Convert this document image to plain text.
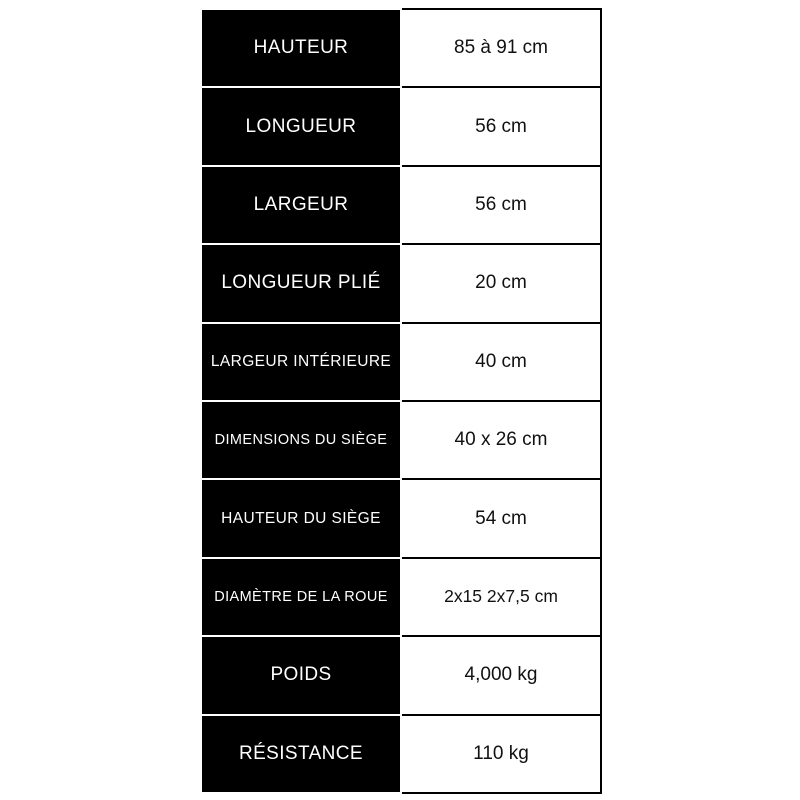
HAUTEUR	85 à 91 cm
LONGUEUR	56 cm
LARGEUR	56 cm
LONGUEUR PLIÉ	20 cm
LARGEUR INTÉRIEURE	40 cm
DIMENSIONS DU SIÈGE	40 x 26 cm
HAUTEUR DU SIÈGE	54 cm
DIAMÈTRE DE LA ROUE	2x15 2x7,5 cm
POIDS	4,000 kg
RÉSISTANCE	110 kg
